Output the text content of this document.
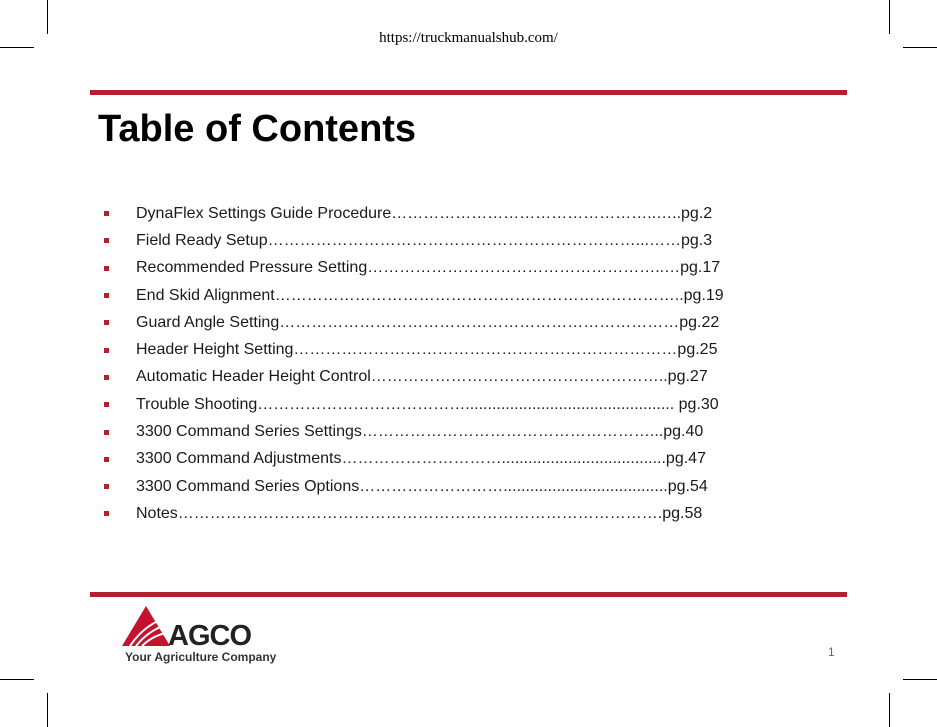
https://truckmanualshub.com/
Table of Contents
DynaFlex Settings Guide Procedure…………………………………………..…..pg.2
Field Ready Setup……………………………………………………………...……pg.3
Recommended Pressure Setting………………………………………………..…pg.17
End Skid Alignment…………………………………………………………………..pg.19
Guard Angle Setting…………………………………………………………………pg.22
Header Height Setting………………………………………………………………pg.25
Automatic Header Height Control………………………………………………..pg.27
Trouble Shooting…………………………………............................................... pg.30
3300 Command Series Settings………………………………………………...pg.40
3300 Command Adjustments………………………….....................................pg.47
3300 Command Series Options……………………….....................................pg.54
Notes……………………………………………………………………………….pg.58
AGCO
Your Agriculture Company	1
